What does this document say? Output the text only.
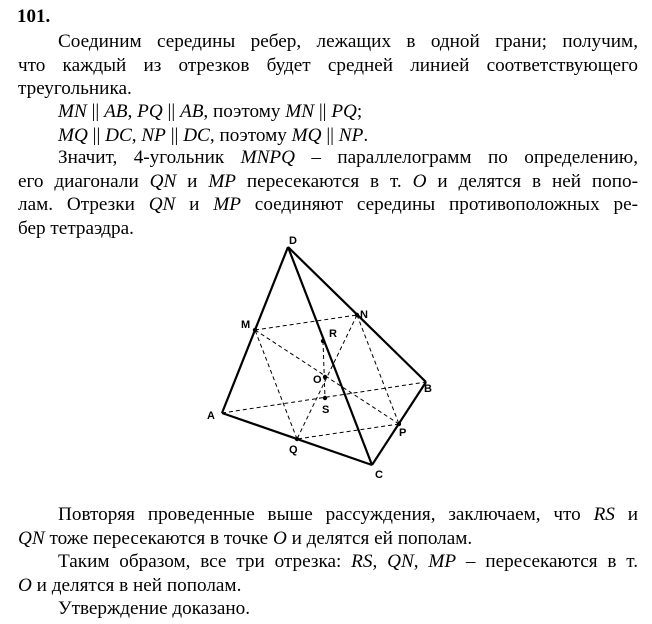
101.
Соединим середины ребер, лежащих в одной грани; получим,
что каждый из отрезков будет средней линией соответствующего
треугольника.
MN || AB, PQ || AB, поэтому MN || PQ;
MQ || DC, NP || DC, поэтому MQ || NP.
Значит, 4-угольник MNPQ – параллелограмм по определению,
его диагонали QN и MP пересекаются в т. O и делятся в ней попо-
лам. Отрезки QN и MP соединяют середины противоположных ре-
бер тетраэдра.
D
M
N
R
O
B
S
A
P
Q
C
Повторяя проведенные выше рассуждения, заключаем, что RS и
QN тоже пересекаются в точке O и делятся ей пополам.
Таким образом, все три отрезка: RS, QN, MP – пересекаются в т.
O и делятся в ней пополам.
Утверждение доказано.
